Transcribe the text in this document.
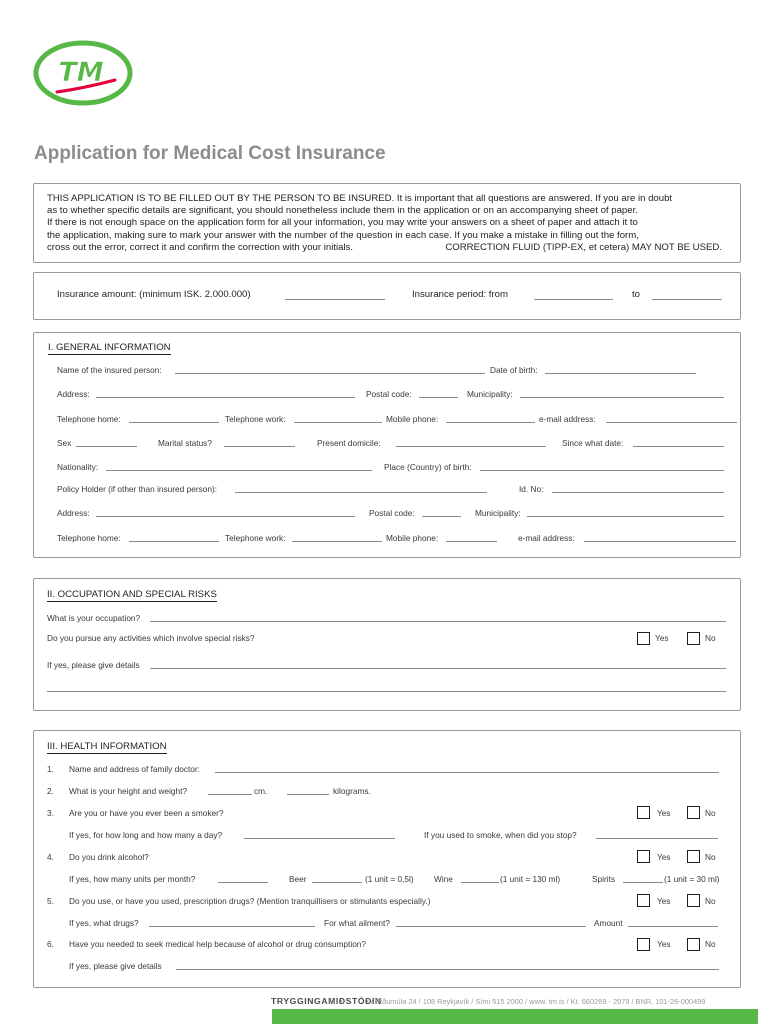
TM
Application for Medical Cost Insurance
THIS APPLICATION IS TO BE FILLED OUT BY THE PERSON TO BE INSURED. It is important that all questions are answered. If you are in doubt
as to whether specific details are significant, you should nonetheless include them in the application or on an accompanying sheet of paper.
If there is not enough space on the application form for all your information, you may write your answers on a sheet of paper and attach it to
the application, making sure to mark your answer with the number of the question in each case. If you make a mistake in filling out the form,
cross out the error, correct it and confirm the correction with your initials.	CORRECTION FLUID (TIPP-EX, et cetera) MAY NOT BE USED.
Insurance amount: (minimum ISK. 2.000.000)	Insurance period: from	to
I. GENERAL INFORMATION
Name of the insured person:	Date of birth:
Address:	Postal code:	Municipality:
Telephone home:	Telephone work:	Mobile phone:	e-mail address:
Sex	Marital status?	Present domicile:	Since what date:
Nationality:	Place (Country) of birth:
Policy Holder (if other than insured person):	Id. No:
Address:	Postal code:	Municipality:
Telephone home:	Telephone work:	Mobile phone:	e-mail address:
II. OCCUPATION AND SPECIAL RISKS
What is your occupation?
Do you pursue any activities which involve special risks?	Yes	No
If yes, please give details
III. HEALTH INFORMATION
1. Name and address of family doctor:
2. What is your height and weight?	cm.	kilograms.
3. Are you or have you ever been a smoker?	Yes	No
If yes, for how long and how many a day?	If you used to smoke, when did you stop?
4. Do you drink alcohol?	Yes	No
If yes, how many units per month?	Beer	(1 unit = 0,5l) Wine	(1 unit = 130 ml)	Spirits	(1 unit = 30 ml)
5. Do you use, or have you used, prescription drugs? (Mention tranquillisers or stimulants especially.)	Yes	No
If yes, what drugs?	For what ailment?	Amount
6. Have you needed to seek medical help because of alcohol or drug consumption?	Yes	No
If yes, please give details
TRYGGINGAMIÐSTÖÐIN
/ Síðumúla 24 / 108 Reykjavík / Sími 515 2000 / www. tm.is / Kt. 660269 - 2079 / BNR. 101-26-000499
